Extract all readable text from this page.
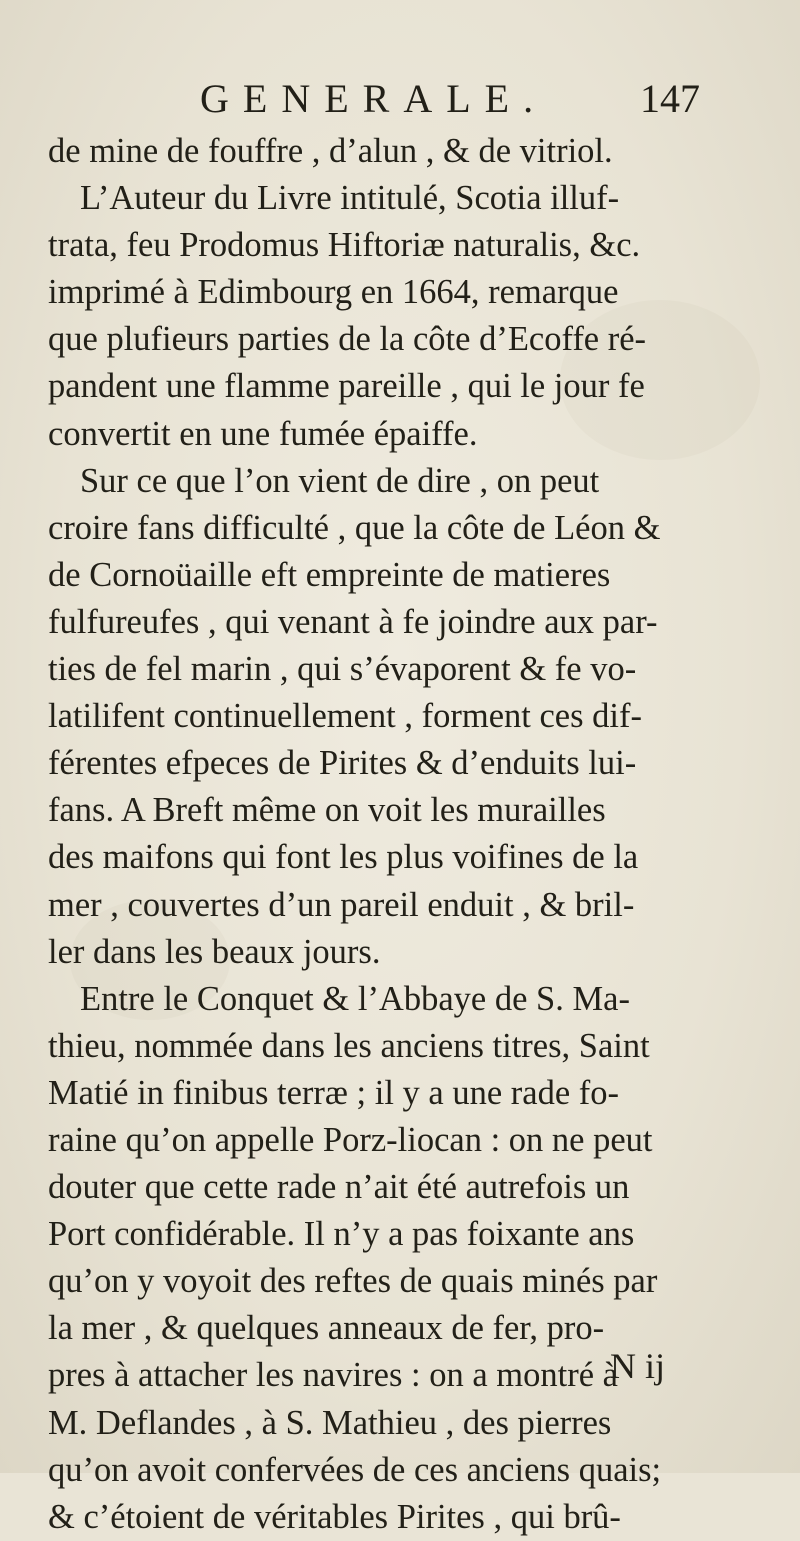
GENERALE. 147
de mine de fouffre , d’alun , & de vitriol.
L’Auteur du Livre intitulé, Scotia illuf-
trata, feu Prodomus Hiftoriæ naturalis, &c.
imprimé à Edimbourg en 1664, remarque
que plufieurs parties de la côte d’Ecoffe ré-
pandent une flamme pareille , qui le jour fe
convertit en une fumée épaiffe.
Sur ce que l’on vient de dire , on peut
croire fans difficulté , que la côte de Léon &
de Cornoüaille eft empreinte de matieres
fulfureufes , qui venant à fe joindre aux par-
ties de fel marin , qui s’évaporent & fe vo-
latilifent continuellement , forment ces dif-
férentes efpeces de Pirites & d’enduits lui-
fans. A Breft même on voit les murailles
des maifons qui font les plus voifines de la
mer , couvertes d’un pareil enduit , & bril-
ler dans les beaux jours.
Entre le Conquet & l’Abbaye de S. Ma-
thieu, nommée dans les anciens titres, Saint
Matié in finibus terræ ; il y a une rade fo-
raine qu’on appelle Porz-liocan : on ne peut
douter que cette rade n’ait été autrefois un
Port confidérable. Il n’y a pas foixante ans
qu’on y voyoit des reftes de quais minés par
la mer , & quelques anneaux de fer, pro-
pres à attacher les navires : on a montré à
M. Deflandes , à S. Mathieu , des pierres
qu’on avoit confervées de ces anciens quais;
& c’étoient de véritables Pirites , qui brû-
N ij
